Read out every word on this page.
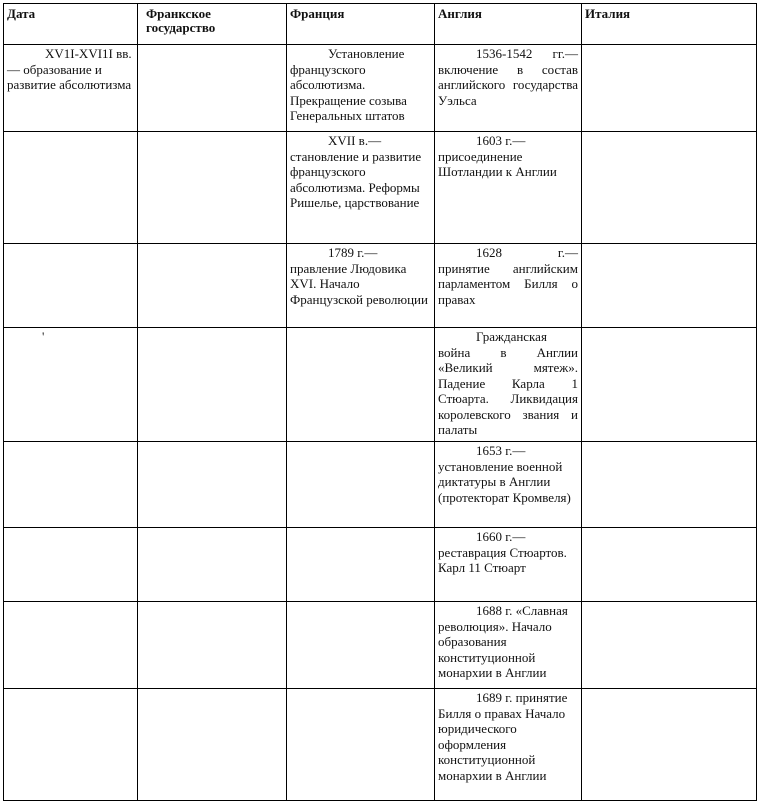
Дата	Франкское государство	Франция	Англия	Италия
XV1I-XVI1I вв.— образование и развитие абсолютизма		Установление французского абсолютизма. Прекращение созыва Генеральных штатов	1536-1542 гг.— включение в состав английского государства Уэльса	
		XVII в.— становление и развитие французского абсолютизма. Реформы Ришелье, царствование	1603 г.— присоединение Шотландии к Англии	
		1789 г.— правление Людовика XVI. Начало Французской революции	1628 г.— принятие английским парламентом Билля о правах	
'			Гражданская война в Англии «Великий мятеж». Падение Карла 1 Стюарта. Ликвидация королевского звания и палаты	
			1653 г.— установление военной диктатуры в Англии (протекторат Кромвеля)	
			1660 г.— реставрация Стюартов. Карл 11 Стюарт	
			1688 г. «Славная революция». Начало образования конституционной монархии в Англии	
			1689 г. принятие Билля о правах Начало юридического оформления конституционной монархии в Англии	
